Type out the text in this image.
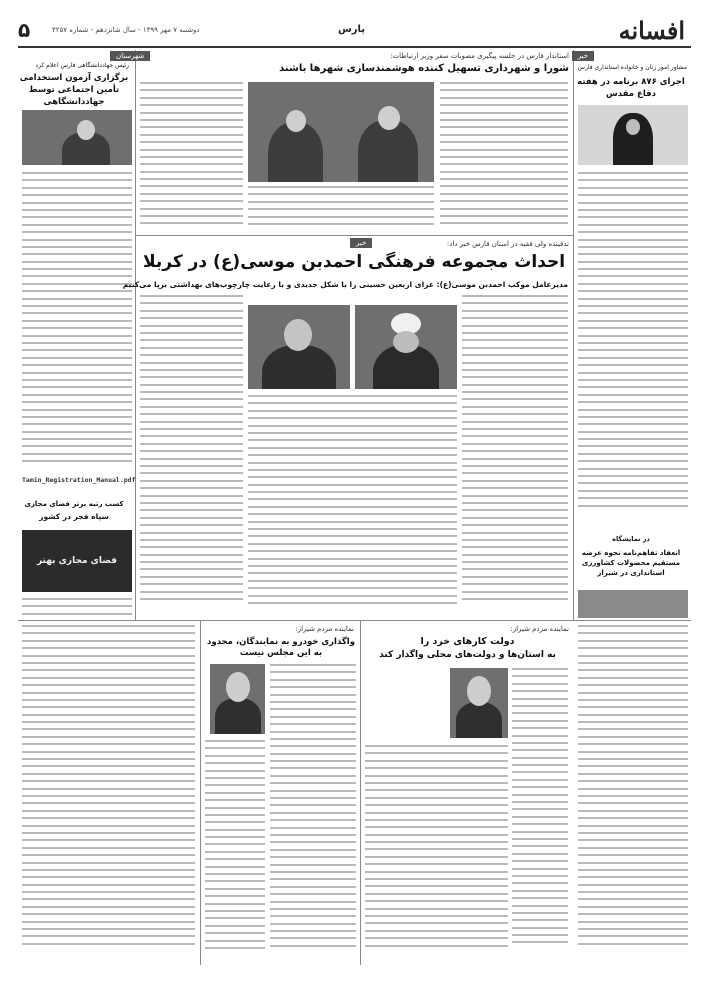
۵	دوشنبه ۷ مهر ۱۳۹۹ - سال شانزدهم - شماره ۴۲۵۷	پارس	افسانه
شهرستان
رئیس جهاددانشگاهی فارس اعلام کرد
برگزاری آزمون استخدامی تأمین اجتماعی توسط جهاددانشگاهی
Tamin_Registration_Manual.pdf
کسب رتبه برتر فضای مجازی
سپاه فجر در کشور
فضای مجازی بهتر
خبر
مشاور امور زنان و خانواده استانداری فارس
اجرای ۸۷۶ برنامه در هفته دفاع مقدس
در نمایشگاه
انعقاد تفاهم‌نامه نحوه عرضه مستقیم محصولات کشاورزی استانداری در شیراز
استاندار فارس در جلسه پیگیری مصوبات سفر وزیر ارتباطات:
شورا و شهرداری تسهیل کننده هوشمندسازی شهرها باشند
خبر	تدفینده ولی فقیه در استان فارس خبر داد:
احداث مجموعه فرهنگی احمدبن موسی(ع) در کربلا
مدیرعامل موکب احمدبن موسی(ع): عزای اربعین حسینی را با شکل جدیدی و با رعایت چارچوب‌های بهداشتی برپا می‌کنیم
نماینده مردم شیراز:
دولت کارهای خرد را
به استان‌ها و دولت‌های محلی واگذار کند
نماینده مردم شیراز:
واگذاری خودرو به نمایندگان، محدود به این مجلس نیست
